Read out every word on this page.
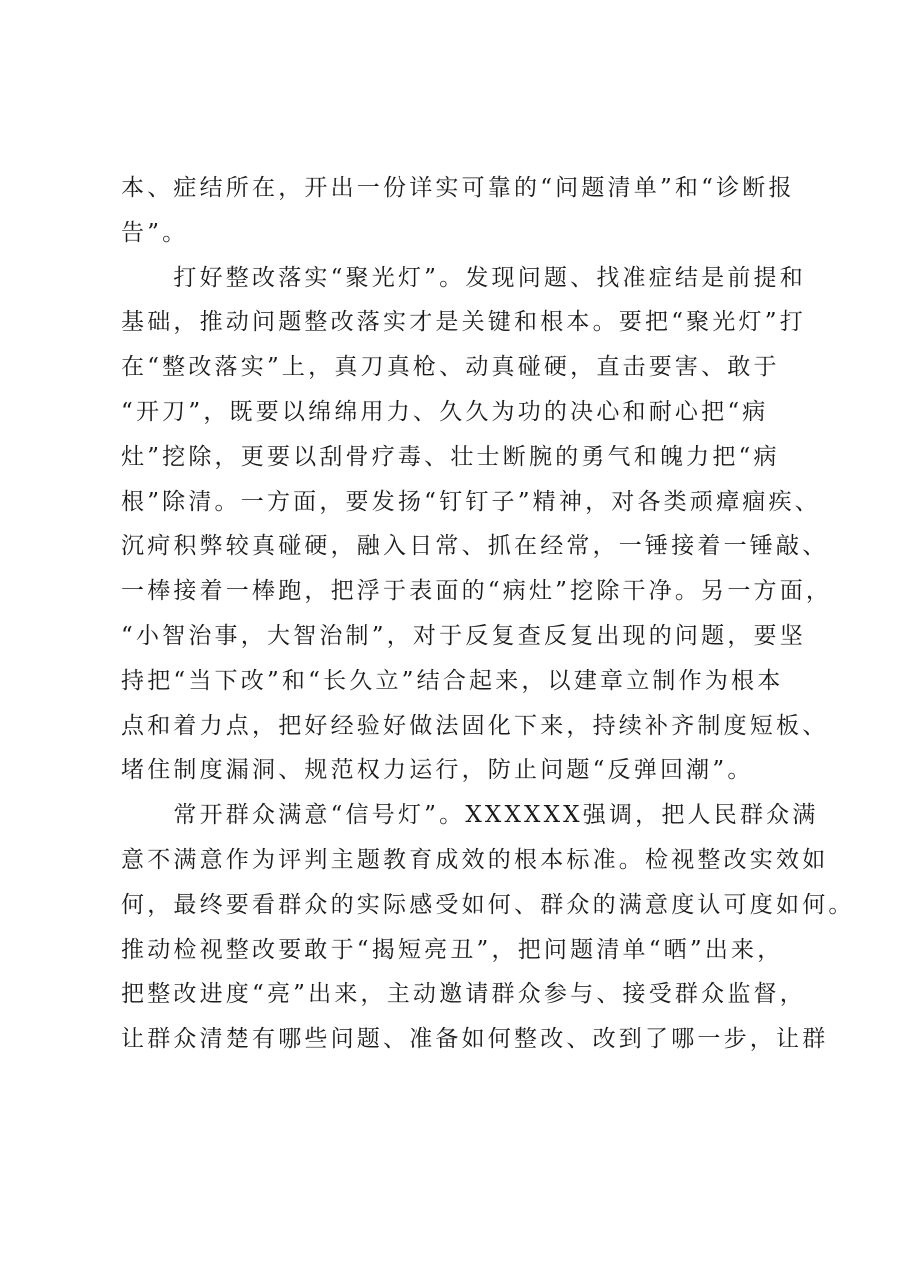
本、症结所在，开出一份详实可靠的“问题清单”和“诊断报
告”。
　　打好整改落实“聚光灯”。发现问题、找准症结是前提和
基础，推动问题整改落实才是关键和根本。要把“聚光灯”打
在“整改落实”上，真刀真枪、动真碰硬，直击要害、敢于
“开刀”，既要以绵绵用力、久久为功的决心和耐心把“病
灶”挖除，更要以刮骨疗毒、壮士断腕的勇气和魄力把“病
根”除清。一方面，要发扬“钉钉子”精神，对各类顽瘴痼疾、
沉疴积弊较真碰硬，融入日常、抓在经常，一锤接着一锤敲、
一棒接着一棒跑，把浮于表面的“病灶”挖除干净。另一方面，
“小智治事，大智治制”，对于反复查反复出现的问题，要坚
持把“当下改”和“长久立”结合起来，以建章立制作为根本
点和着力点，把好经验好做法固化下来，持续补齐制度短板、
堵住制度漏洞、规范权力运行，防止问题“反弹回潮”。
　　常开群众满意“信号灯”。XXXXXX强调，把人民群众满
意不满意作为评判主题教育成效的根本标准。检视整改实效如
何，最终要看群众的实际感受如何、群众的满意度认可度如何。
推动检视整改要敢于“揭短亮丑”，把问题清单“晒”出来，
把整改进度“亮”出来，主动邀请群众参与、接受群众监督，
让群众清楚有哪些问题、准备如何整改、改到了哪一步，让群
